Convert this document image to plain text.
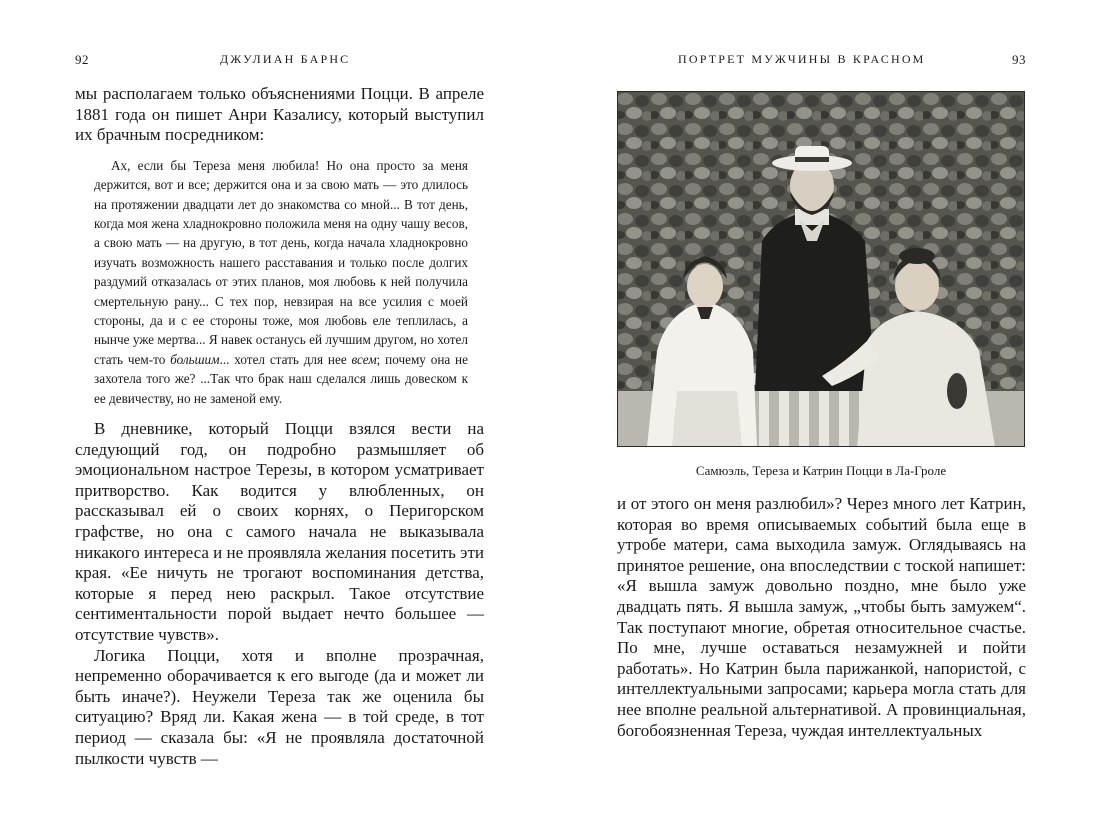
92	ДЖУЛИАН БАРНС

мы располагаем только объяснениями Поцци. В апреле 1881 года он пишет Анри Казалису, который выступил их брачным посредником:

Ах, если бы Тереза меня любила! Но она просто за меня держится, вот и все; держится она и за свою мать — это длилось на протяжении двадцати лет до знакомства со мной... В тот день, когда моя жена хладнокровно положила меня на одну чашу весов, а свою мать — на другую, в тот день, когда начала хладнокровно изучать возможность нашего расставания и только после долгих раздумий отказалась от этих планов, моя любовь к ней получила смертельную рану... С тех пор, невзирая на все усилия с моей стороны, да и с ее стороны тоже, моя любовь еле теплилась, а нынче уже мертва... Я навек останусь ей лучшим другом, но хотел стать чем-то большим... хотел стать для нее всем; почему она не захотела того же? ...Так что брак наш сделался лишь довеском к ее девичеству, но не заменой ему.

В дневнике, который Поцци взялся вести на следующий год, он подробно размышляет об эмоциональном настрое Терезы, в котором усматривает притворство. Как водится у влюбленных, он рассказывал ей о своих корнях, о Перигорском графстве, но она с самого начала не выказывала никакого интереса и не проявляла желания посетить эти края. «Ее ничуть не трогают воспоминания детства, которые я перед нею раскрыл. Такое отсутствие сентиментальности порой выдает нечто большее — отсутствие чувств».

Логика Поцци, хотя и вполне прозрачная, непременно оборачивается к его выгоде (да и может ли быть иначе?). Неужели Тереза так же оценила бы ситуацию? Вряд ли. Какая жена — в той среде, в тот период — сказала бы: «Я не проявляла достаточной пылкости чувств —

ПОРТРЕТ МУЖЧИНЫ В КРАСНОМ	93
Самюэль, Тереза и Катрин Поцци в Ла-Гроле

и от этого он меня разлюбил»? Через много лет Катрин, которая во время описываемых событий была еще в утробе матери, сама выходила замуж. Оглядываясь на принятое решение, она впоследствии с тоской напишет: «Я вышла замуж довольно поздно, мне было уже двадцать пять. Я вышла замуж, „чтобы быть замужем“. Так поступают многие, обретая относительное счастье. По мне, лучше оставаться незамужней и пойти работать». Но Катрин была парижанкой, напористой, с интеллектуальными запросами; карьера могла стать для нее вполне реальной альтернативой. А провинциальная, богобоязненная Тереза, чуждая интеллектуальных
